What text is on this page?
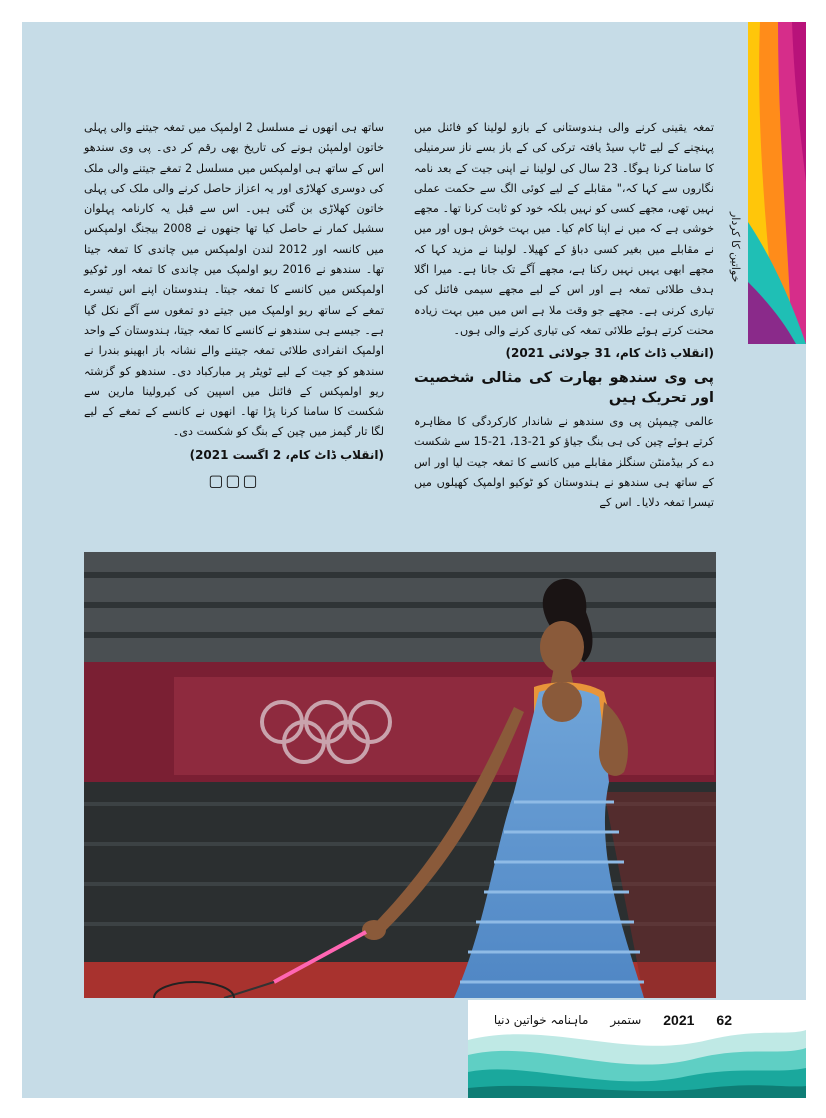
خواتین کا کردار

تمغہ یقینی کرنے والی ہندوستانی کے بازو لولینا کو فائنل میں پہنچنے کے لیے ٹاپ سیڈ یافتہ ترکی کی کے باز بسے ناز سرمنیلی کا سامنا کرنا ہوگا۔ 23 سال کی لولینا نے اپنی جیت کے بعد نامہ نگاروں سے کہا کہ،" مقابلے کے لیے کوئی الگ سے حکمت عملی نہیں تھی، مجھے کسی کو نہیں بلکہ خود کو ثابت کرنا تھا۔ مجھے خوشی ہے کہ میں نے اپنا کام کیا۔ میں بہت خوش ہوں اور میں نے مقابلے میں بغیر کسی دباؤ کے کھیلا۔ لولینا نے مزید کہا کہ مجھے ابھی یہیں نہیں رکنا ہے، مجھے آگے تک جانا ہے۔ میرا اگلا ہدف طلائی تمغہ ہے اور اس کے لیے مجھے سیمی فائنل کی تیاری کرنی ہے۔ مجھے جو وقت ملا ہے اس میں میں بہت زیادہ محنت کرتے ہوئے طلائی تمغہ کی تیاری کرنے والی ہوں۔

(انقلاب ڈاٹ کام، 31 جولائی 2021)
پی وی سندھو بھارت کی مثالی شخصیت اور تحریک ہیں

عالمی چیمپئن پی وی سندھو نے شاندار کارکردگی کا مظاہرہ کرتے ہوئے چین کی ہی بنگ جیاؤ کو 21-13، 21-15 سے شکست دے کر بیڈمنٹن سنگلز مقابلے میں کانسے کا تمغہ جیت لیا اور اس کے ساتھ ہی سندھو نے ہندوستان کو ٹوکیو اولمپک کھیلوں میں تیسرا تمغہ دلایا۔ اس کے

ساتھ ہی انھوں نے مسلسل 2 اولمپک میں تمغہ جیتنے والی پہلی خاتون اولمپئن ہونے کی تاریخ بھی رقم کر دی۔ پی وی سندھو اس کے ساتھ ہی اولمپکس میں مسلسل 2 تمغے جیتنے والی ملک کی دوسری کھلاڑی اور یہ اعزاز حاصل کرنے والی ملک کی پہلی خاتون کھلاڑی بن گئی ہیں۔ اس سے قبل یہ کارنامہ پہلوان سشیل کمار نے حاصل کیا تھا جنھوں نے 2008 بیجنگ اولمپکس میں کانسہ اور 2012 لندن اولمپکس میں چاندی کا تمغہ جیتا تھا۔ سندھو نے 2016 ریو اولمپک میں چاندی کا تمغہ اور ٹوکیو اولمپکس میں کانسے کا تمغہ جیتا۔ ہندوستان اپنے اس تیسرے تمغے کے ساتھ ریو اولمپک میں جیتے دو تمغوں سے آگے نکل گیا ہے۔ جیسے ہی سندھو نے کانسے کا تمغہ جیتا، ہندوستان کے واحد اولمپک انفرادی طلائی تمغہ جیتنے والے نشانہ باز ابھینو بندرا نے سندھو کو جیت کے لیے ٹویٹر پر مبارکباد دی۔ سندھو کو گزشتہ ریو اولمپکس کے فائنل میں اسپین کی کیرولینا مارین سے شکست کا سامنا کرنا پڑا تھا۔ انھوں نے کانسے کے تمغے کے لیے لگا تار گیمز میں چین کے بنگ کو شکست دی۔

(انقلاب ڈاٹ کام، 2 اگست 2021)
▢▢▢
62
2021
ستمبر
ماہنامہ خواتین دنیا
